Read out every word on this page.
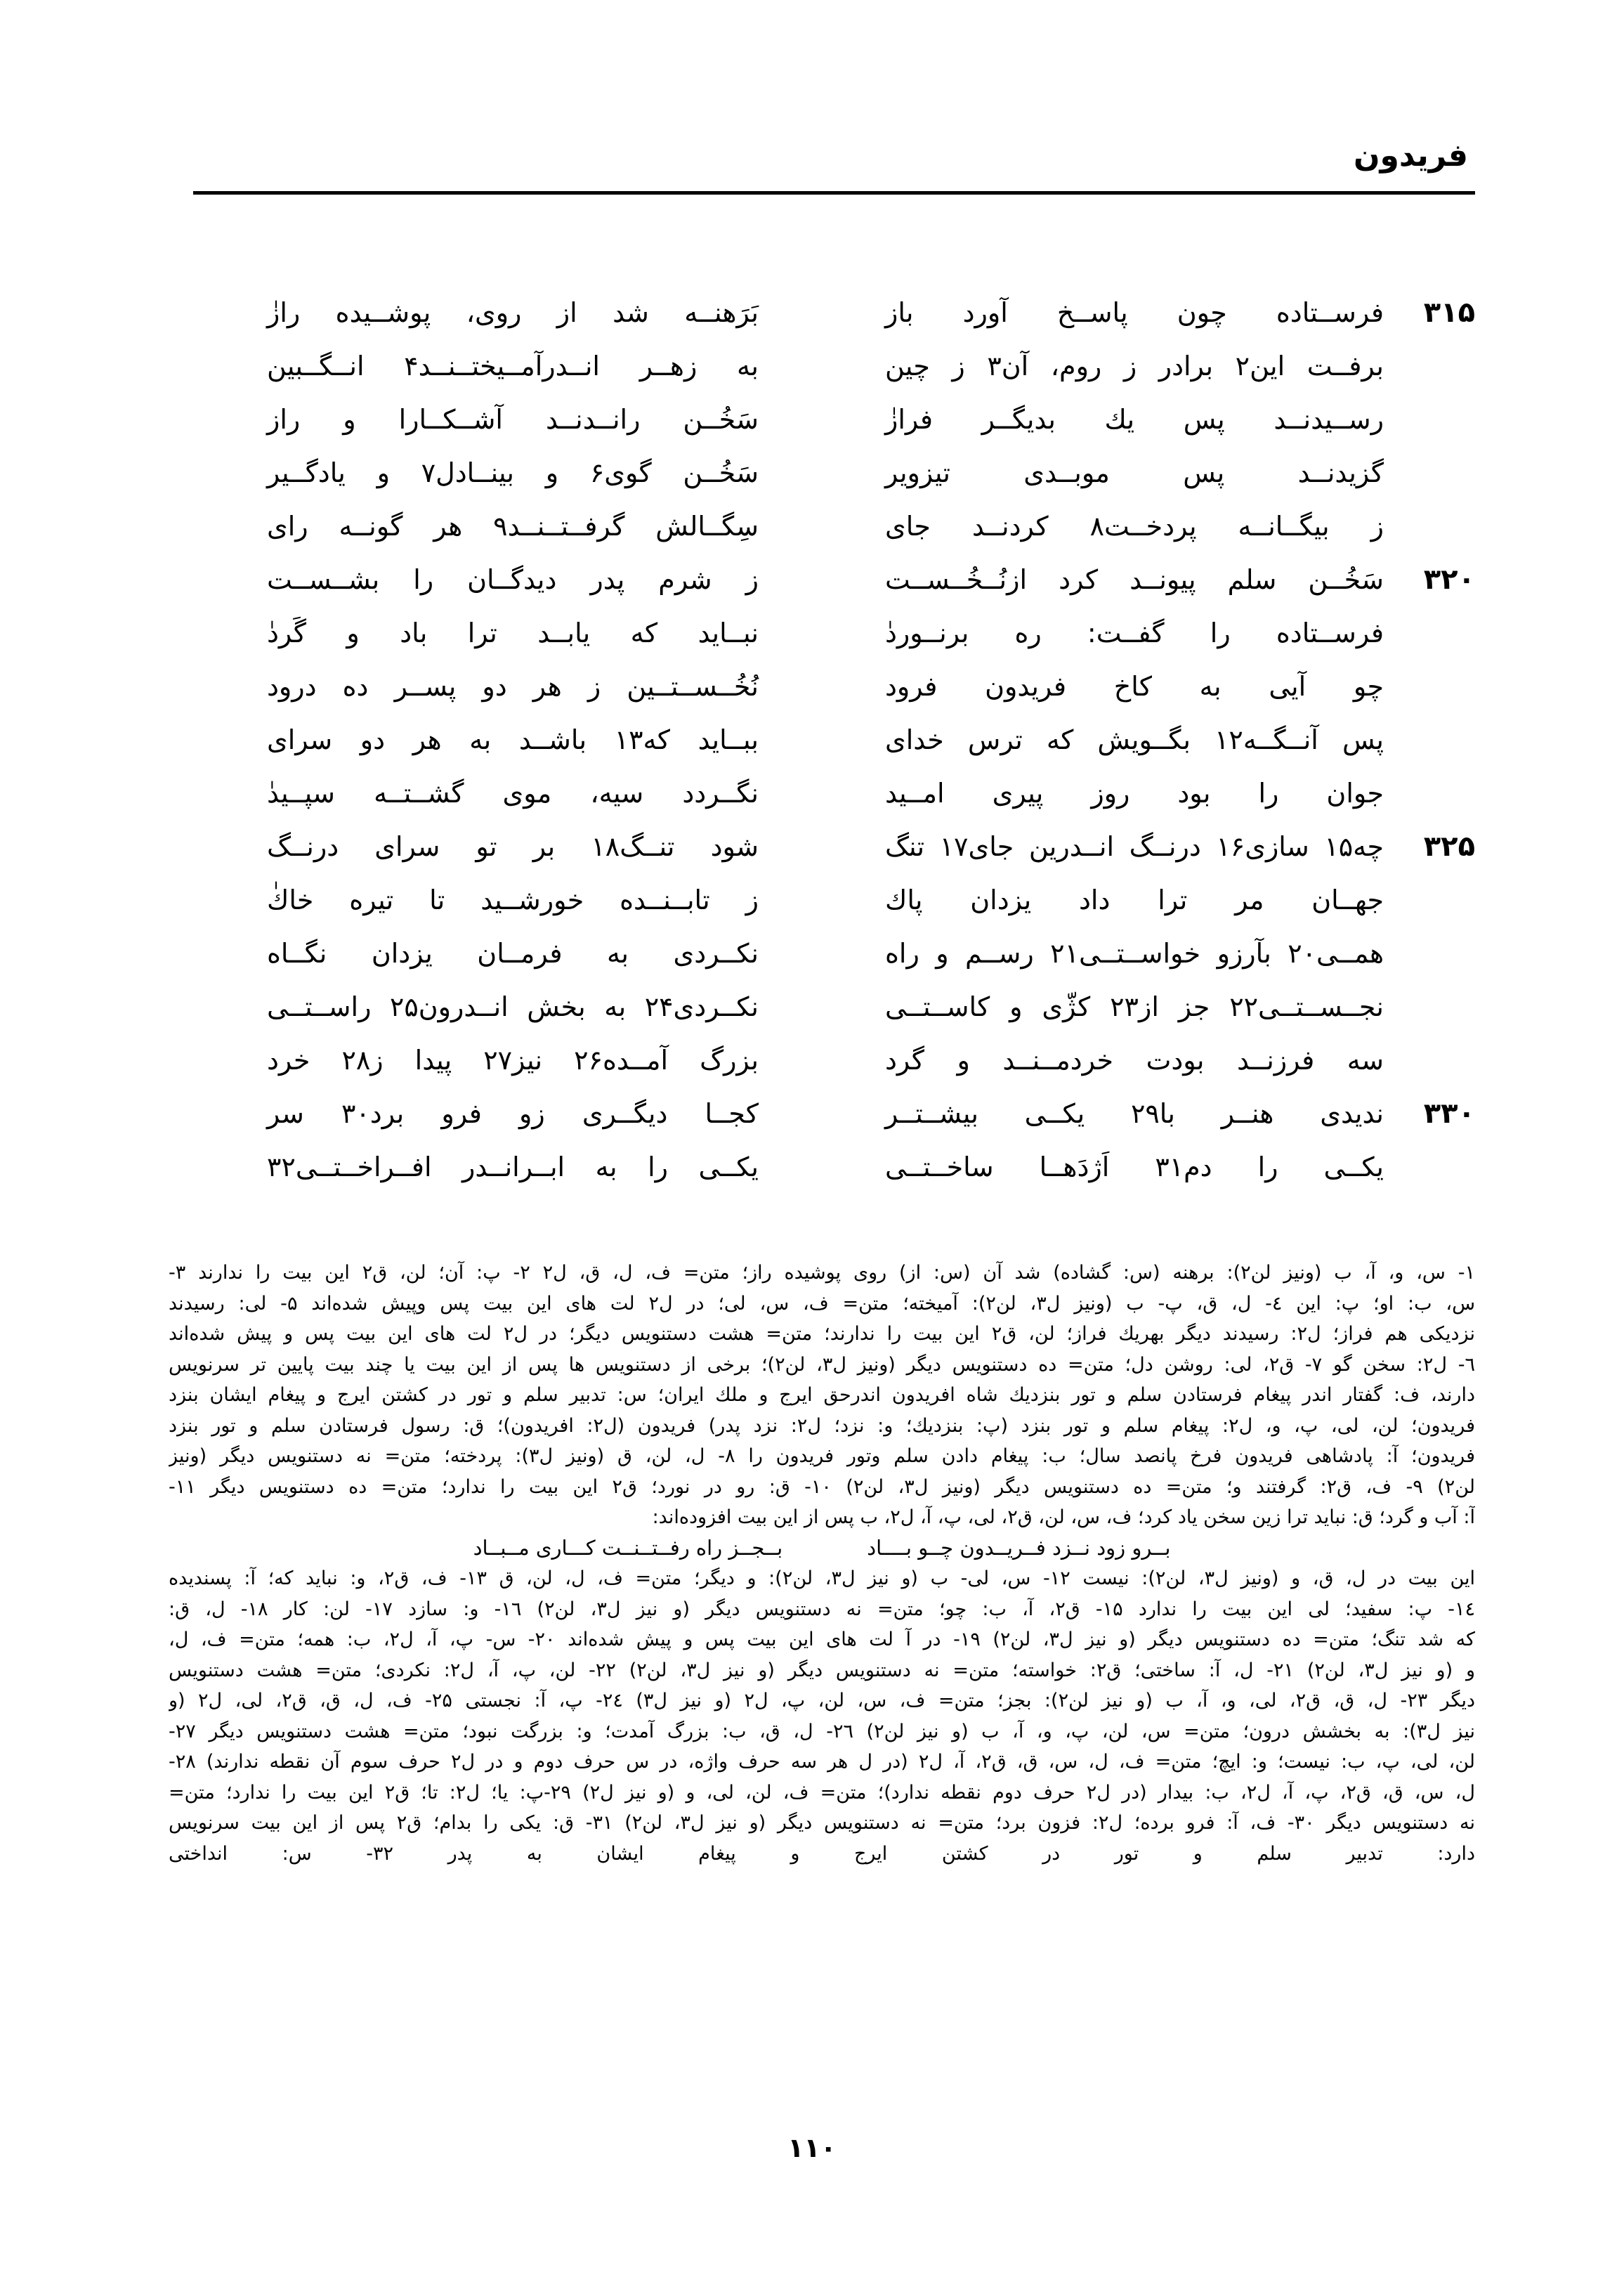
فریدون
۳۱۵
فرســتاده چون پاســخ آورد باز
بَرَهنــه شد از روی، پوشــیده رازٰ
برفــت این۲ برادر ز روم، آن۳ ز چین
به زهــر انــدرآمــیختــنــد۴ انــگــبین
رســیدنــد پس یك بدیگــر فرازٰ
سَخُــن رانــدنــد آشــکــارا و راز
گزیدنــد پس موبــدی تیزویر
سَخُــن گوی۶ و بینــادل۷ و یادگــیر
ز بیگــانــه پردخــت۸ کردنــد جای
سِگــالش گرفــتــنــد۹ هر گونــه رای
۳۲۰
سَخُــن سلم پیونــد کرد ازنُــخُــســت
ز شرم پدر دیدگــان را بشــســت
فرســتاده را گفــت: ره برنــوردٰ
نبــاید که یابــد ترا باد و گَردٰ
چو آیی به کاخ فریدون فرود
نُخُــســتــین ز هر دو پســر ده درود
پس آنــگــه۱۲ بگــویش که ترس خدای
ببــاید که۱۳ باشــد به هر دو سرای
جوان را بود روز پیری امــید
نگــردد سیه، موی گشــتــه سپــیدٰ
۳۲۵
چه۱۵ سازی۱۶ درنــگ انــدرین جای۱۷ تنگ
شود تنــگ۱۸ بر تو سرای درنــگ
جهــان مر ترا داد یزدان پاك
ز تابــنــده خورشــید تا تیره خاكٰ
همــی۲۰ بآرزو خواســتــی۲۱ رســم و راه
نکــردی به فرمــان یزدان نگــاه
نجــســتــی۲۲ جز از۲۳ کژّی و کاســتــی
نکــردی۲۴ به بخش انــدرون۲۵ راســتــی
سه فرزنــد بودت خردمــنــد و گرد
بزرگ آمــده۲۶ نیز۲۷ پیدا ز۲۸ خرد
۳۳۰
ندیدی هنــر با۲۹ یکــی بیشــتــر
کجــا دیگــری زو فرو برد۳۰ سر
یکــی را دم۳۱ اَژدَهــا ساخــتــی
یکــی را به ابــرانــدر افــراخــتــی۳۲
۱- س، و، آ، ب (ونیز لن۲): برهنه (س: گشاده) شد آن (س: از) روی پوشیده راز؛ متن= ف، ل، ق، ل۲ ۲- پ: آن؛ لن، ق۲ این بیت را ندارند ۳-
س، ب: او؛ پ: این ٤- ل، ق، پ- ب (ونیز ل۳، لن۲): آمیخته؛ متن= ف، س، لی؛ در ل۲ لت های این بیت پس وپیش شده‌اند ۵- لی: رسیدند
نزدیکی هم فراز؛ ل۲: رسیدند دیگر بهریك فراز؛ لن، ق۲ این بیت را ندارند؛ متن= هشت دستنویس دیگر؛ در ل۲ لت های این بیت پس و پیش شده‌اند
٦- ل۲: سخن گو ۷- ق۲، لی: روشن دل؛ متن= ده دستنویس دیگر (ونیز ل۳، لن۲)؛ برخی از دستنویس ها پس از این بیت یا چند بیت پایین تر سرنویس
دارند، ف: گفتار اندر پیغام فرستادن سلم و تور بنزدیك شاه افریدون اندرحق ایرج و ملك ایران؛ س: تدبیر سلم و تور در کشتن ایرج و پیغام ایشان بنزد
فریدون؛ لن، لی، پ، و، ل۲: پیغام سلم و تور بنزد (پ: بنزدیك؛ و: نزد؛ ل۲: نزد پدر) فریدون (ل۲: افریدون)؛ ق: رسول فرستادن سلم و تور بنزد
فریدون؛ آ: پادشاهی فریدون فرخ پانصد سال؛ ب: پیغام دادن سلم وتور فریدون را ۸- ل، لن، ق (ونیز ل۳): پردخته؛ متن= نه دستنویس دیگر (ونیز
لن۲) ۹- ف، ق۲: گرفتند و؛ متن= ده دستنویس دیگر (ونیز ل۳، لن۲) ۱۰- ق: رو در نورد؛ ق۲ این بیت را ندارد؛ متن= ده دستنویس دیگر ۱۱-
آ: آب و گرد؛ ق: نباید ترا زین سخن یاد کرد؛ ف، س، لن، ق۲، لی، پ، آ، ل۲، ب پس از این بیت افزوده‌اند:
بــرو زود نــزد فــریــدون چــو بــــاد
بــجــز راه رفــتــنــت کـــاری مــبــاد
این بیت در ل، ق، و (ونیز ل۳، لن۲): نیست ۱۲- س، لی- ب (و نیز ل۳، لن۲): و دیگر؛ متن= ف، ل، لن، ق ۱۳- ف، ق۲، و: نباید که؛ آ: پسندیده
۱٤- پ: سفید؛ لی این بیت را ندارد ۱۵- ق۲، آ، ب: چو؛ متن= نه دستنویس دیگر (و نیز ل۳، لن۲) ۱٦- و: سازد ۱۷- لن: کار ۱۸- ل، ق:
که شد تنگ؛ متن= ده دستنویس دیگر (و نیز ل۳، لن۲) ۱۹- در آ لت های این بیت پس و پیش شده‌اند ۲۰- س- پ، آ، ل۲، ب: همه؛ متن= ف، ل،
و (و نیز ل۳، لن۲) ۲۱- ل، آ: ساختی؛ ق۲: خواسته؛ متن= نه دستنویس دیگر (و نیز ل۳، لن۲) ۲۲- لن، پ، آ، ل۲: نکردی؛ متن= هشت دستنویس
دیگر ۲۳- ل، ق، ق۲، لی، و، آ، ب (و نیز لن۲): بجز؛ متن= ف، س، لن، پ، ل۲ (و نیز ل۳) ۲٤- پ، آ: نجستی ۲۵- ف، ل، ق، ق۲، لی، ل۲ (و
نیز ل۳): به بخشش درون؛ متن= س، لن، پ، و، آ، ب (و نیز لن۲) ۲٦- ل، ق، ب: بزرگ آمدت؛ و: بزرگت نبود؛ متن= هشت دستنویس دیگر ۲۷-
لن، لی، پ، ب: نیست؛ و: ایچ؛ متن= ف، ل، س، ق، ق۲، آ، ل۲ (در ل هر سه حرف واژه، در س حرف دوم و در ل۲ حرف سوم آن نقطه ندارند) ۲۸-
ل، س، ق، ق۲، پ، آ، ل۲، ب: بیدار (در ل۲ حرف دوم نقطه ندارد)؛ متن= ف، لن، لی، و (و نیز ل۲) ۲۹-پ: یا؛ ل۲: تا؛ ق۲ این بیت را ندارد؛ متن=
نه دستنویس دیگر ۳۰- ف، آ: فرو برده؛ ل۲: فزون برد؛ متن= نه دستنویس دیگر (و نیز ل۳، لن۲) ۳۱- ق: یکی را بدام؛ ق۲ پس از این بیت سرنویس
دارد: تدبیر سلم و تور در کشتن ایرج و پیغام ایشان به پدر ۳۲- س: انداختی
۱۱۰
